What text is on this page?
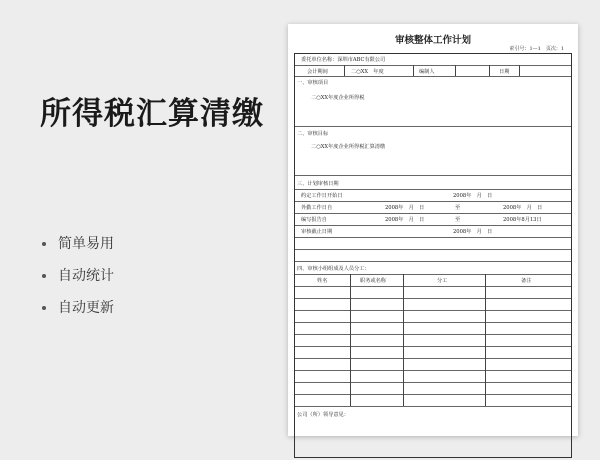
所得税汇算清缴
简单易用
自动统计
自动更新
审核整体工作计划
索引号：1—1　页次：1
委托单位名称：深圳市ABC有限公司
会计期间	二○XX　年度	编制人	日期
一、审核项目
二○XX年度企业所得税
二、审核目标
二○XX年度企业所得税汇算清缴
三、计划审核日期
约定工作日开始日	2008年　月　日
外勤工作日自	2008年　月　日	至	2008年　月　日
编写报告自	2008年　月　日	至	2008年8月13日
审核截止日期	2008年　月　日
四、审核小组组成及人员分工：
姓名	职务或名称	分工	备注
公司（所）领导意见：
